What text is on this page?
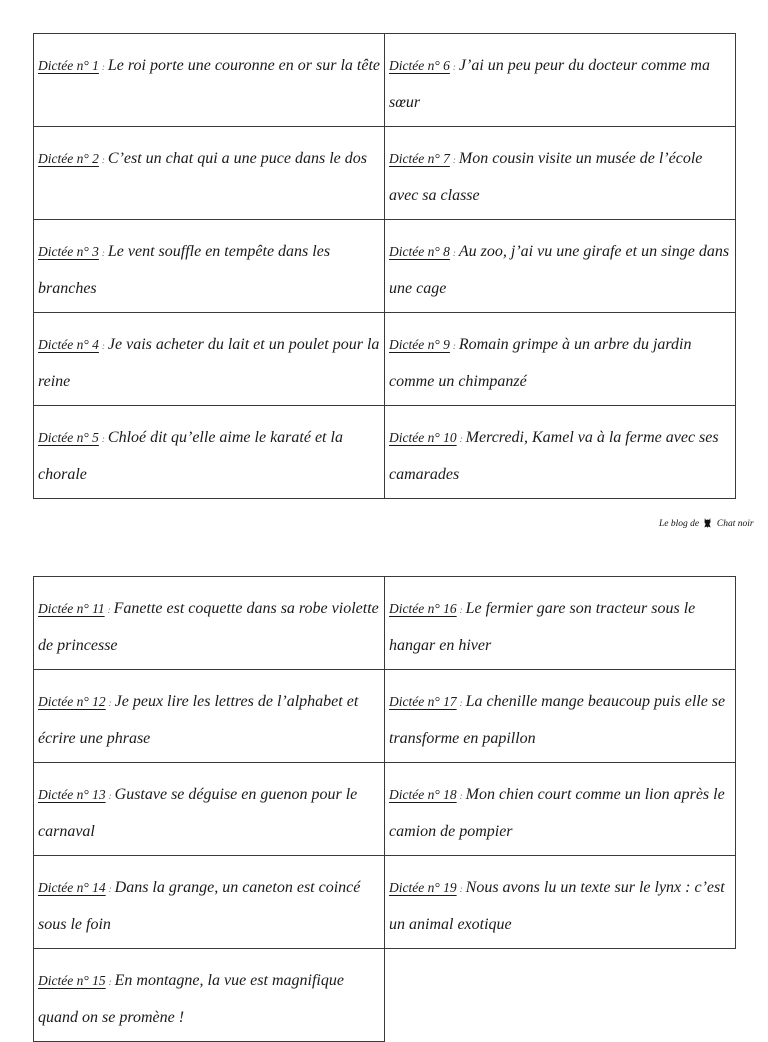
Dictée n° 1 : Le roi porte une couronne en or sur la tête	Dictée n° 6 : J’ai un peu peur du docteur comme ma sœur
Dictée n° 2 : C’est un chat qui a une puce dans le dos	Dictée n° 7 : Mon cousin visite un musée de l’école avec sa classe
Dictée n° 3 : Le vent souffle en tempête dans les branches	Dictée n° 8 : Au zoo, j’ai vu une girafe et un singe dans une cage
Dictée n° 4 : Je vais acheter du lait et un poulet pour la reine	Dictée n° 9 : Romain grimpe à un arbre du jardin comme un chimpanzé
Dictée n° 5 : Chloé dit qu’elle aime le karaté et la chorale	Dictée n° 10 : Mercredi, Kamel va à la ferme avec ses camarades
Le blog de Chat noir
Dictée n° 11 : Fanette est coquette dans sa robe violette de princesse	Dictée n° 16 : Le fermier gare son tracteur sous le hangar en hiver
Dictée n° 12 : Je peux lire les lettres de l’alphabet et écrire une phrase	Dictée n° 17 : La chenille mange beaucoup puis elle se transforme en papillon
Dictée n° 13 : Gustave se déguise en guenon pour le carnaval	Dictée n° 18 : Mon chien court comme un lion après le camion de pompier
Dictée n° 14 : Dans la grange, un caneton est coincé sous le foin	Dictée n° 19 : Nous avons lu un texte sur le lynx : c’est un animal exotique
Dictée n° 15 : En montagne, la vue est magnifique quand on se promène !	
